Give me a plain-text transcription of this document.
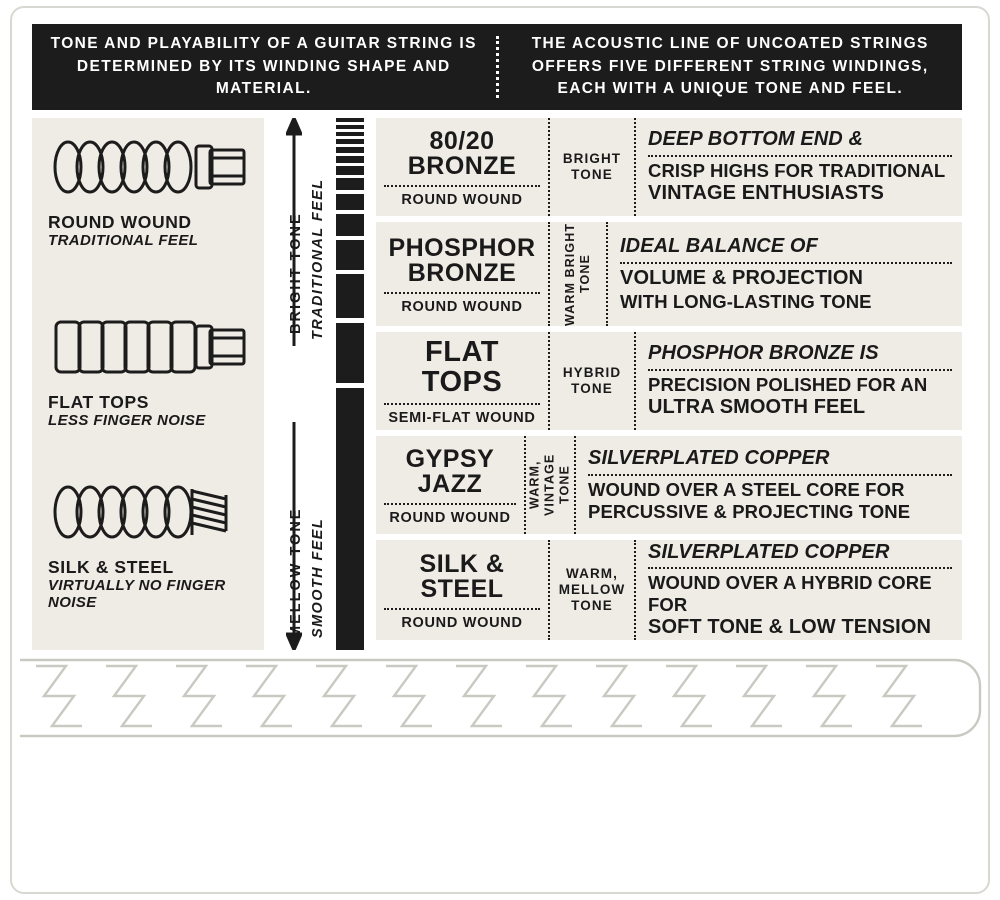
TONE AND PLAYABILITY OF A GUITAR STRING IS DETERMINED BY ITS WINDING SHAPE AND MATERIAL.
THE ACOUSTIC LINE OF UNCOATED STRINGS OFFERS FIVE DIFFERENT STRING WINDINGS, EACH WITH A UNIQUE TONE AND FEEL.
ROUND WOUND
TRADITIONAL FEEL
FLAT TOPS
LESS FINGER NOISE
SILK & STEEL
VIRTUALLY NO FINGER NOISE
BRIGHT TONE TRADITIONAL FEEL
MELLOW TONE SMOOTH FEEL
80/20
BRONZE
ROUND WOUND
BRIGHT TONE
DEEP BOTTOM END &
CRISP HIGHS FOR TRADITIONAL
VINTAGE ENTHUSIASTS
PHOSPHOR
BRONZE
ROUND WOUND	WARM BRIGHT TONE
IDEAL BALANCE OF
VOLUME & PROJECTION
WITH LONG-LASTING TONE
FLAT
TOPS
SEMI-FLAT WOUND
HYBRID TONE
PHOSPHOR BRONZE IS
PRECISION POLISHED FOR AN
ULTRA SMOOTH FEEL
GYPSY
JAZZ
ROUND WOUND
WARM, VINTAGE TONE
SILVERPLATED COPPER
WOUND OVER A STEEL CORE FOR
PERCUSSIVE & PROJECTING TONE
SILK &
STEEL
ROUND WOUND
WARM, MELLOW TONE
SILVERPLATED COPPER
WOUND OVER A HYBRID CORE FOR
SOFT TONE & LOW TENSION
